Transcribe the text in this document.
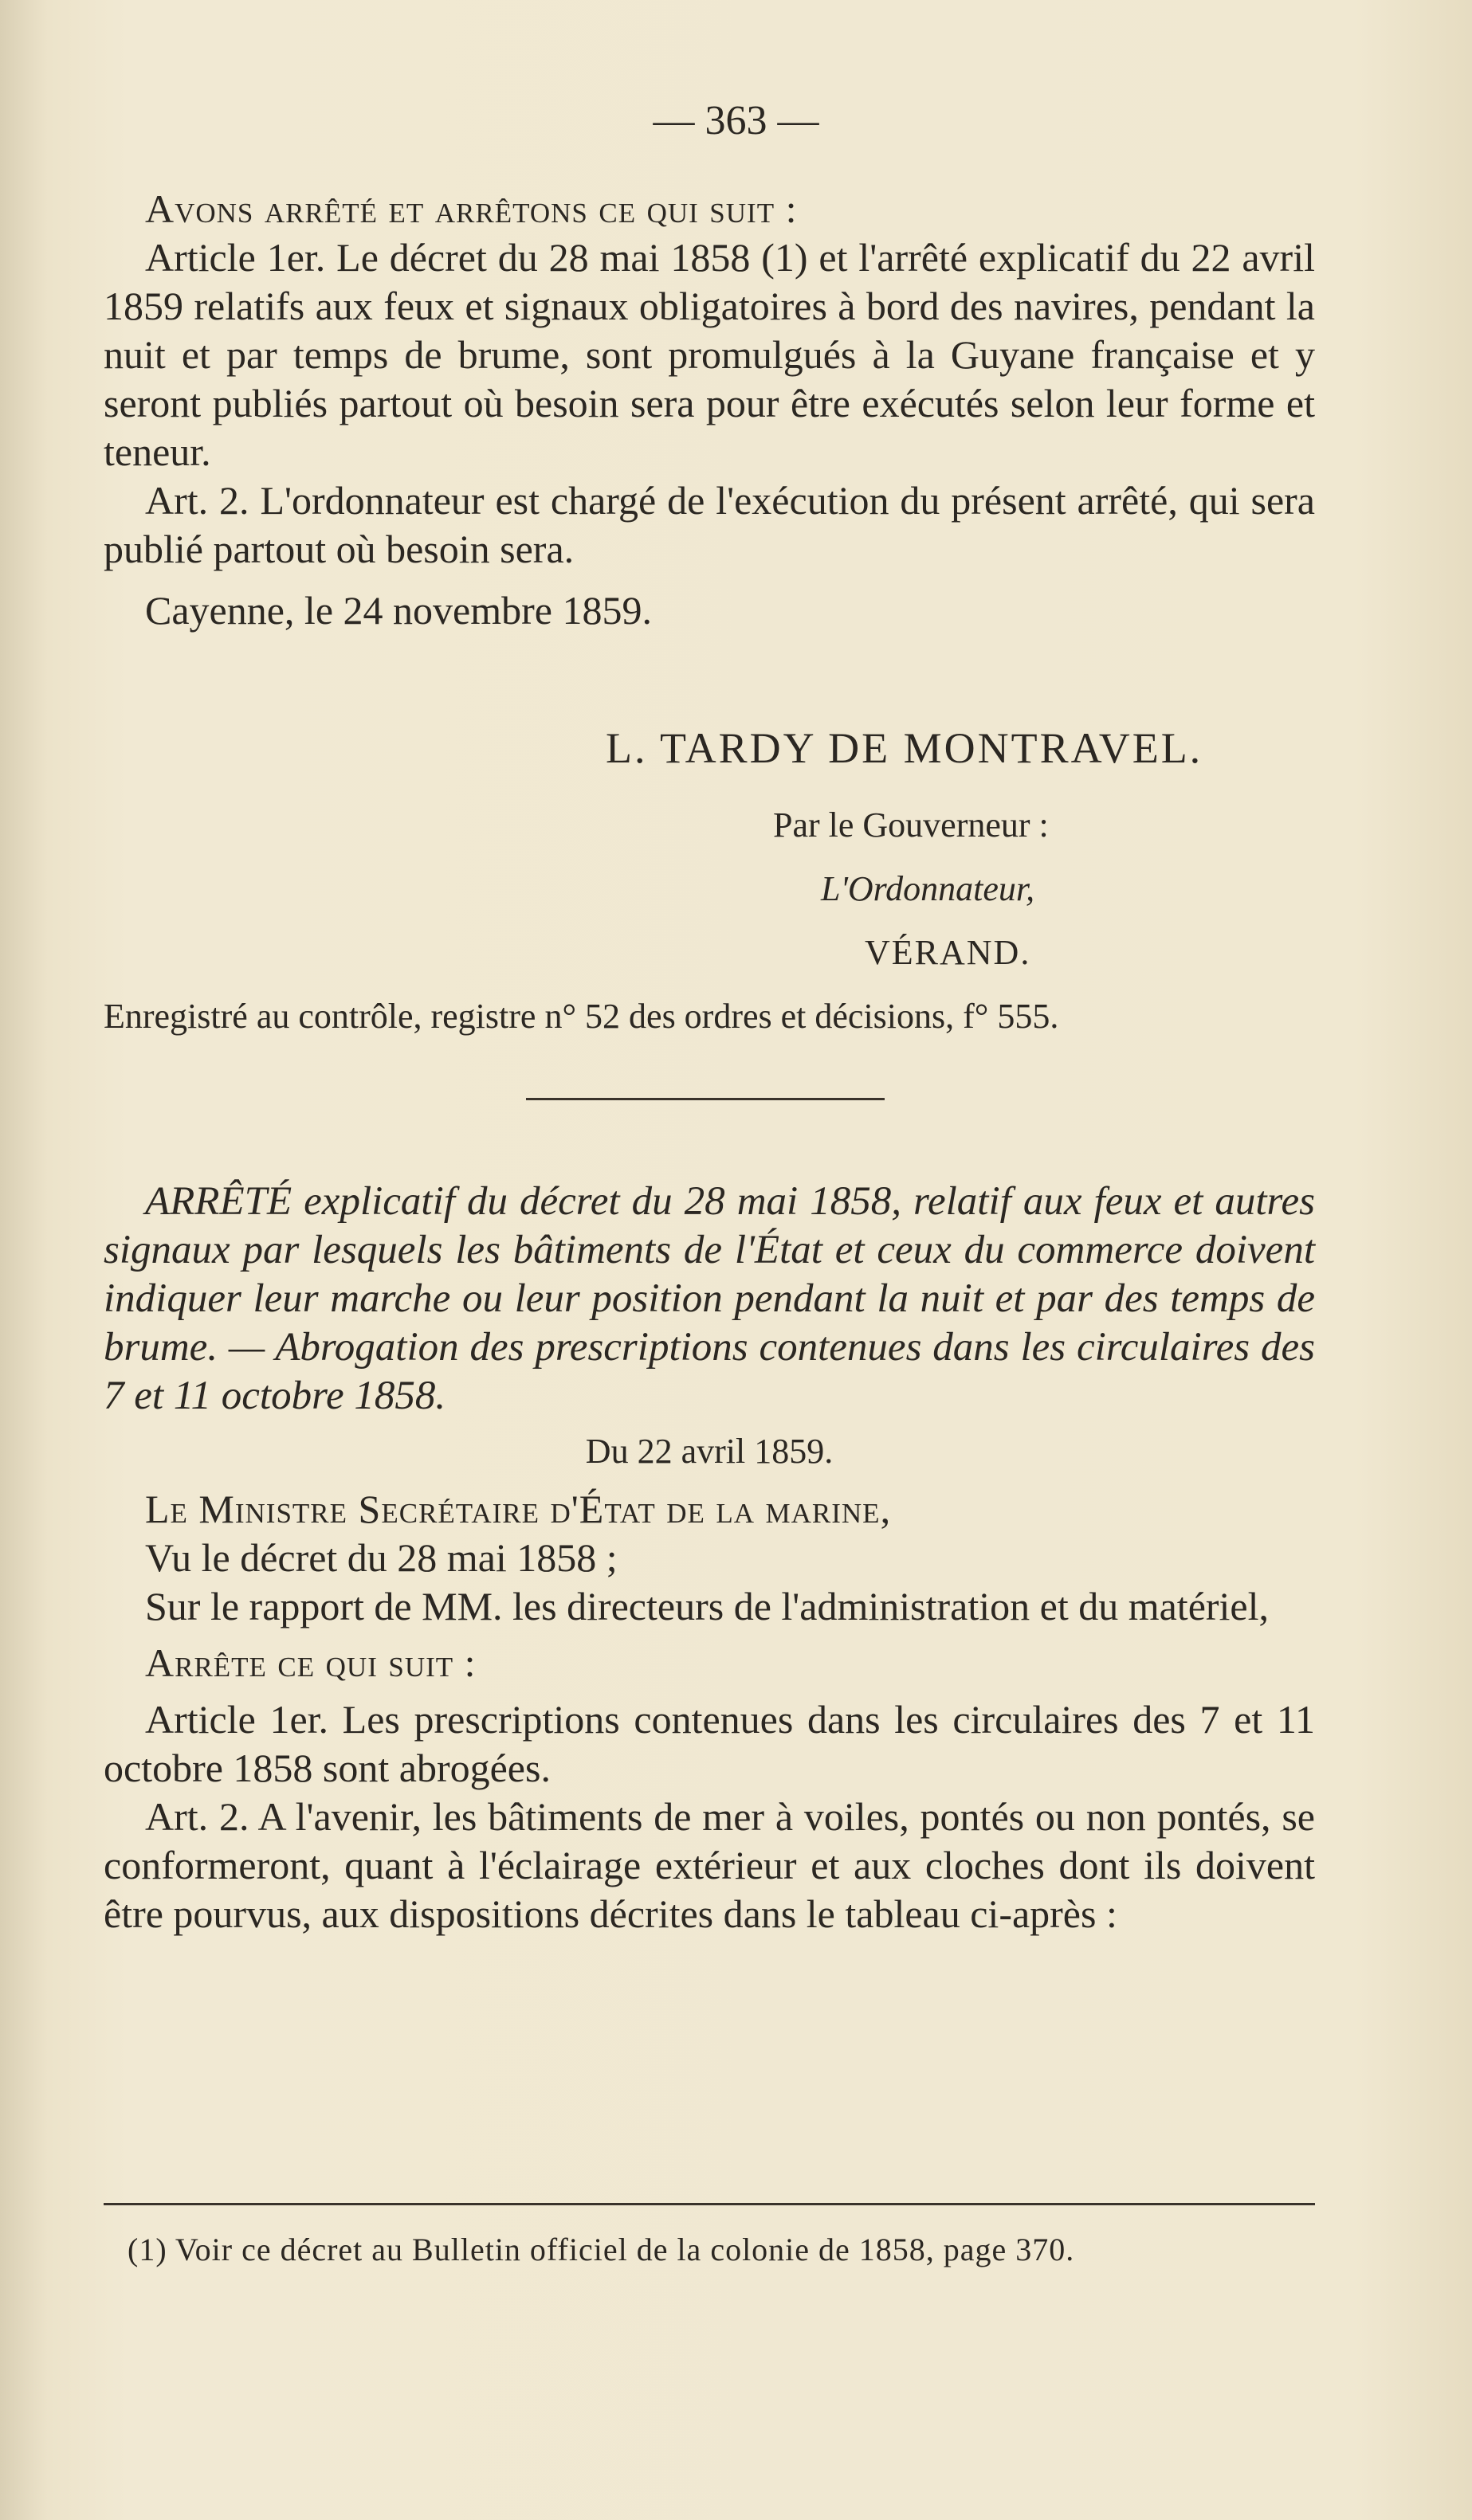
— 363 —

Avons arrêté et arrêtons ce qui suit :

Article 1er. Le décret du 28 mai 1858 (1) et l'arrêté explicatif du 22 avril 1859 relatifs aux feux et signaux obligatoires à bord des navires, pendant la nuit et par temps de brume, sont promulgués à la Guyane française et y seront publiés partout où besoin sera pour être exécutés selon leur forme et teneur.

Art. 2. L'ordonnateur est chargé de l'exécution du présent arrêté, qui sera publié partout où besoin sera.

Cayenne, le 24 novembre 1859.

L. TARDY DE MONTRAVEL.
Par le Gouverneur :
L'Ordonnateur,
VÉRAND.
Enregistré au contrôle, registre n° 52 des ordres et décisions, f° 555.

ARRÊTÉ explicatif du décret du 28 mai 1858, relatif aux feux et autres signaux par lesquels les bâtiments de l'État et ceux du commerce doivent indiquer leur marche ou leur position pendant la nuit et par des temps de brume. — Abrogation des prescriptions contenues dans les circulaires des 7 et 11 octobre 1858.

Du 22 avril 1859.

Le Ministre Secrétaire d'État de la marine,

Vu le décret du 28 mai 1858 ;

Sur le rapport de MM. les directeurs de l'administration et du matériel,

Arrête ce qui suit :

Article 1er. Les prescriptions contenues dans les circulaires des 7 et 11 octobre 1858 sont abrogées.

Art. 2. A l'avenir, les bâtiments de mer à voiles, pontés ou non pontés, se conformeront, quant à l'éclairage extérieur et aux cloches dont ils doivent être pourvus, aux dispositions décrites dans le tableau ci-après :

(1) Voir ce décret au Bulletin officiel de la colonie de 1858, page 370.
